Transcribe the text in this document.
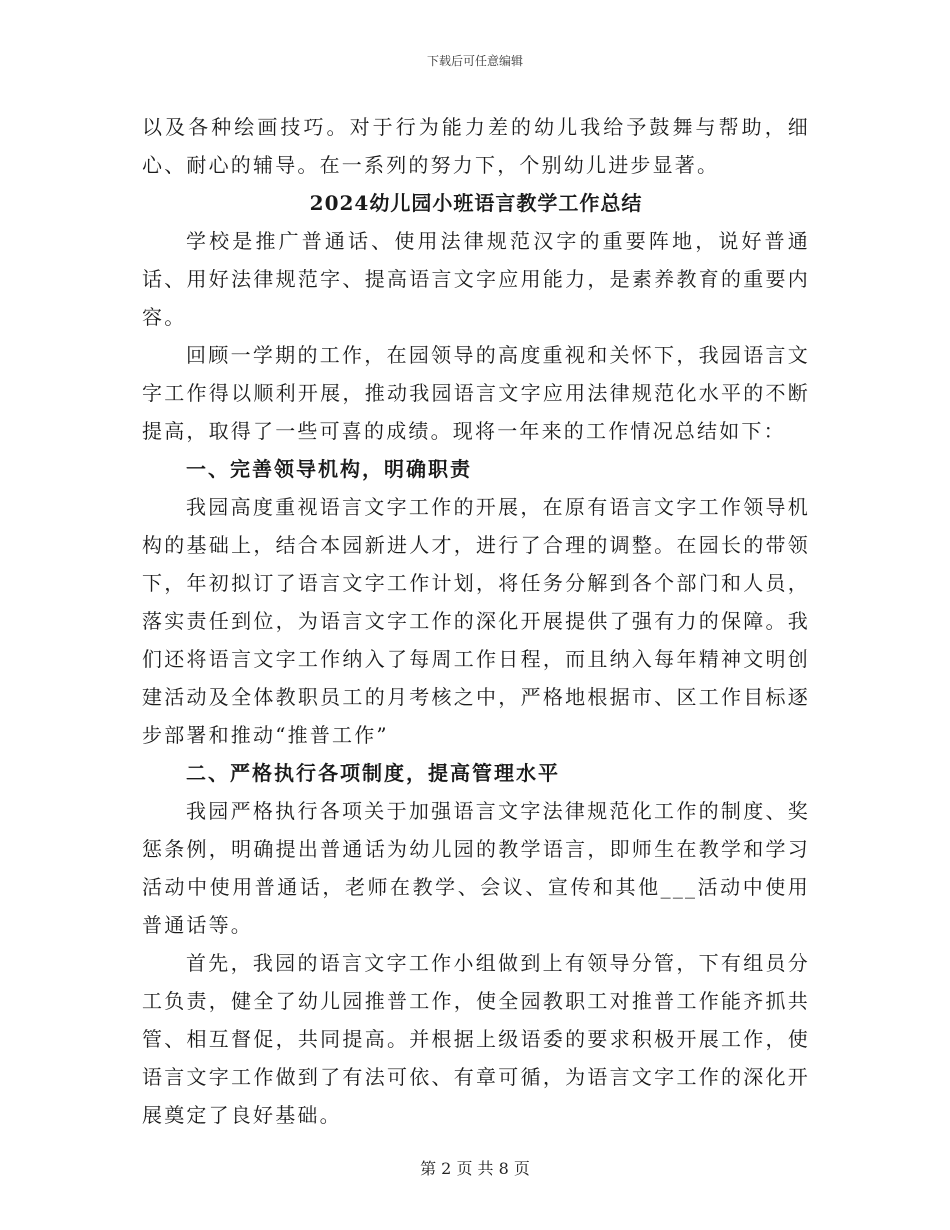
下载后可任意编辑

以及各种绘画技巧。对于行为能力差的幼儿我给予鼓舞与帮助，细心、耐心的辅导。在一系列的努力下，个别幼儿进步显著。

2024幼儿园小班语言教学工作总结

学校是推广普通话、使用法律规范汉字的重要阵地，说好普通话、用好法律规范字、提高语言文字应用能力，是素养教育的重要内容。

回顾一学期的工作，在园领导的高度重视和关怀下，我园语言文字工作得以顺利开展，推动我园语言文字应用法律规范化水平的不断提高，取得了一些可喜的成绩。现将一年来的工作情况总结如下：

一、完善领导机构，明确职责

我园高度重视语言文字工作的开展，在原有语言文字工作领导机构的基础上，结合本园新进人才，进行了合理的调整。在园长的带领下，年初拟订了语言文字工作计划，将任务分解到各个部门和人员，落实责任到位，为语言文字工作的深化开展提供了强有力的保障。我们还将语言文字工作纳入了每周工作日程，而且纳入每年精神文明创建活动及全体教职员工的月考核之中，严格地根据市、区工作目标逐步部署和推动“推普工作”

二、严格执行各项制度，提高管理水平

我园严格执行各项关于加强语言文字法律规范化工作的制度、奖惩条例，明确提出普通话为幼儿园的教学语言，即师生在教学和学习活动中使用普通话，老师在教学、会议、宣传和其他___活动中使用普通话等。

首先，我园的语言文字工作小组做到上有领导分管，下有组员分工负责，健全了幼儿园推普工作，使全园教职工对推普工作能齐抓共管、相互督促，共同提高。并根据上级语委的要求积极开展工作，使语言文字工作做到了有法可依、有章可循，为语言文字工作的深化开展奠定了良好基础。

第 2 页 共 8 页
